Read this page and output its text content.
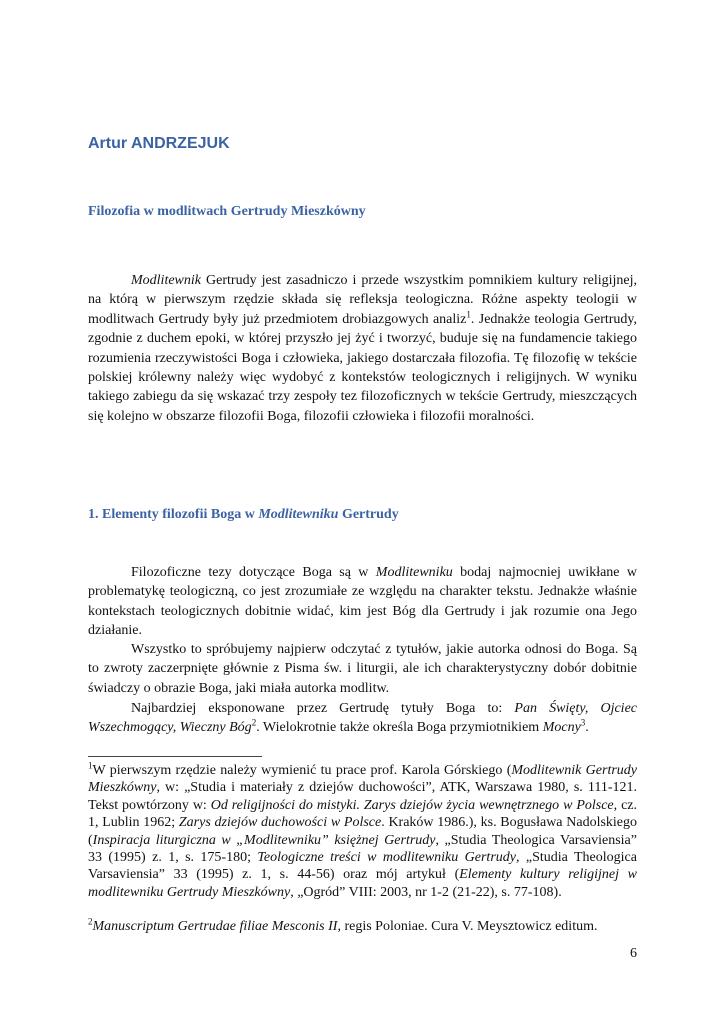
Artur ANDRZEJUK
Filozofia w modlitwach Gertrudy Mieszkówny

Modlitewnik Gertrudy jest zasadniczo i przede wszystkim pomnikiem kultury religijnej, na którą w pierwszym rzędzie składa się refleksja teologiczna. Różne aspekty teologii w modlitwach Gertrudy były już przedmiotem drobiazgowych analiz$^1$. Jednakże teologia Gertrudy, zgodnie z duchem epoki, w której przyszło jej żyć i tworzyć, buduje się na fundamencie takiego rozumienia rzeczywistości Boga i człowieka, jakiego dostarczała filozofia. Tę filozofię w tekście polskiej królewny należy więc wydobyć z kontekstów teologicznych i religijnych. W wyniku takiego zabiegu da się wskazać trzy zespoły tez filozoficznych w tekście Gertrudy, mieszczących się kolejno w obszarze filozofii Boga, filozofii człowieka i filozofii moralności.

1. Elementy filozofii Boga w Modlitewniku Gertrudy

Filozoficzne tezy dotyczące Boga są w Modlitewniku bodaj najmocniej uwikłane w problematykę teologiczną, co jest zrozumiałe ze względu na charakter tekstu. Jednakże właśnie kontekstach teologicznych dobitnie widać, kim jest Bóg dla Gertrudy i jak rozumie ona Jego działanie.

Wszystko to spróbujemy najpierw odczytać z tytułów, jakie autorka odnosi do Boga. Są to zwroty zaczerpnięte głównie z Pisma św. i liturgii, ale ich charakterystyczny dobór dobitnie świadczy o obrazie Boga, jaki miała autorka modlitw.

Najbardziej eksponowane przez Gertrudę tytuły Boga to: Pan Święty, Ojciec Wszechmogący, Wieczny Bóg$^2$. Wielokrotnie także określa Boga przymiotnikiem Mocny$^3$.

$^1$W pierwszym rzędzie należy wymienić tu prace prof. Karola Górskiego (Modlitewnik Gertrudy Mieszkówny, w: „Studia i materiały z dziejów duchowości”, ATK, Warszawa 1980, s. 111-121. Tekst powtórzony w: Od religijności do mistyki. Zarys dziejów życia wewnętrznego w Polsce, cz. 1, Lublin 1962; Zarys dziejów duchowości w Polsce. Kraków 1986.), ks. Bogusława Nadolskiego (Inspiracja liturgiczna w „Modlitewniku” księżnej Gertrudy, „Studia Theologica Varsaviensia” 33 (1995) z. 1, s. 175-180; Teologiczne treści w modlitewniku Gertrudy, „Studia Theologica Varsaviensia” 33 (1995) z. 1, s. 44-56) oraz mój artykuł (Elementy kultury religijnej w modlitewniku Gertrudy Mieszkówny, „Ogród” VIII: 2003, nr 1-2 (21-22), s. 77-108).

$^2$Manuscriptum Gertrudae filiae Mesconis II, regis Poloniae. Cura V. Meysztowicz editum.

6
